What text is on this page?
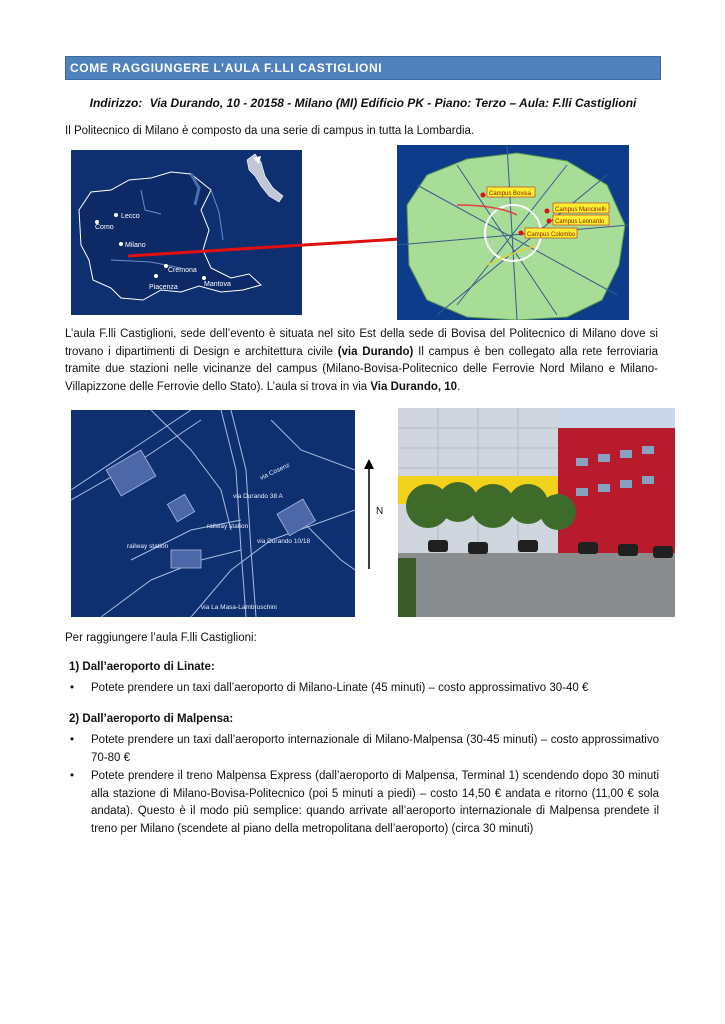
COME RAGGIUNGERE L’AULA F.LLI CASTIGLIONI
Indirizzo: Via Durando, 10 - 20158 - Milano (MI) Edificio PK - Piano: Terzo – Aula: F.lli Castiglioni
Il Politecnico di Milano è composto da una serie di campus in tutta la Lombardia.
Lecco
Como
Milano
Cremona
Mantova
Piacenza
Campus Bovisa
Campus Mancinelli
Campus Leonardo
Campus Colombo
L’aula F.lli Castiglioni, sede dell’evento è situata nel sito Est della sede di Bovisa del Politecnico di Milano dove si trovano i dipartimenti di Design e architettura civile (via Durando) Il campus è ben collegato alla rete ferroviaria tramite due stazioni nelle vicinanze del campus (Milano-Bovisa-Politecnico delle Ferrovie Nord Milano e Milano-Villapizzone delle Ferrovie dello Stato). L’aula si trova in via Via Durando, 10.
via Cosenz
via Durando 38 A
railway station
railway station
via Durando 10/18
via La Masa-Lambruschini
N
Per raggiungere l’aula F.lli Castiglioni:
1) Dall’aeroporto di Linate:
• Potete prendere un taxi dall’aeroporto di Milano-Linate (45 minuti) – costo approssimativo 30-40 €
2) Dall’aeroporto di Malpensa:
• Potete prendere un taxi dall’aeroporto internazionale di Milano-Malpensa (30-45 minuti) – costo approssimativo 70-80 €
• Potete prendere il treno Malpensa Express (dall’aeroporto di Malpensa, Terminal 1) scendendo dopo 30 minuti alla stazione di Milano-Bovisa-Politecnico (poi 5 minuti a piedi) – costo 14,50 € andata e ritorno (11,00 € sola andata). Questo è il modo più semplice: quando arrivate all’aeroporto internazionale di Malpensa prendete il treno per Milano (scendete al piano della metropolitana dell’aeroporto) (circa 30 minuti)
